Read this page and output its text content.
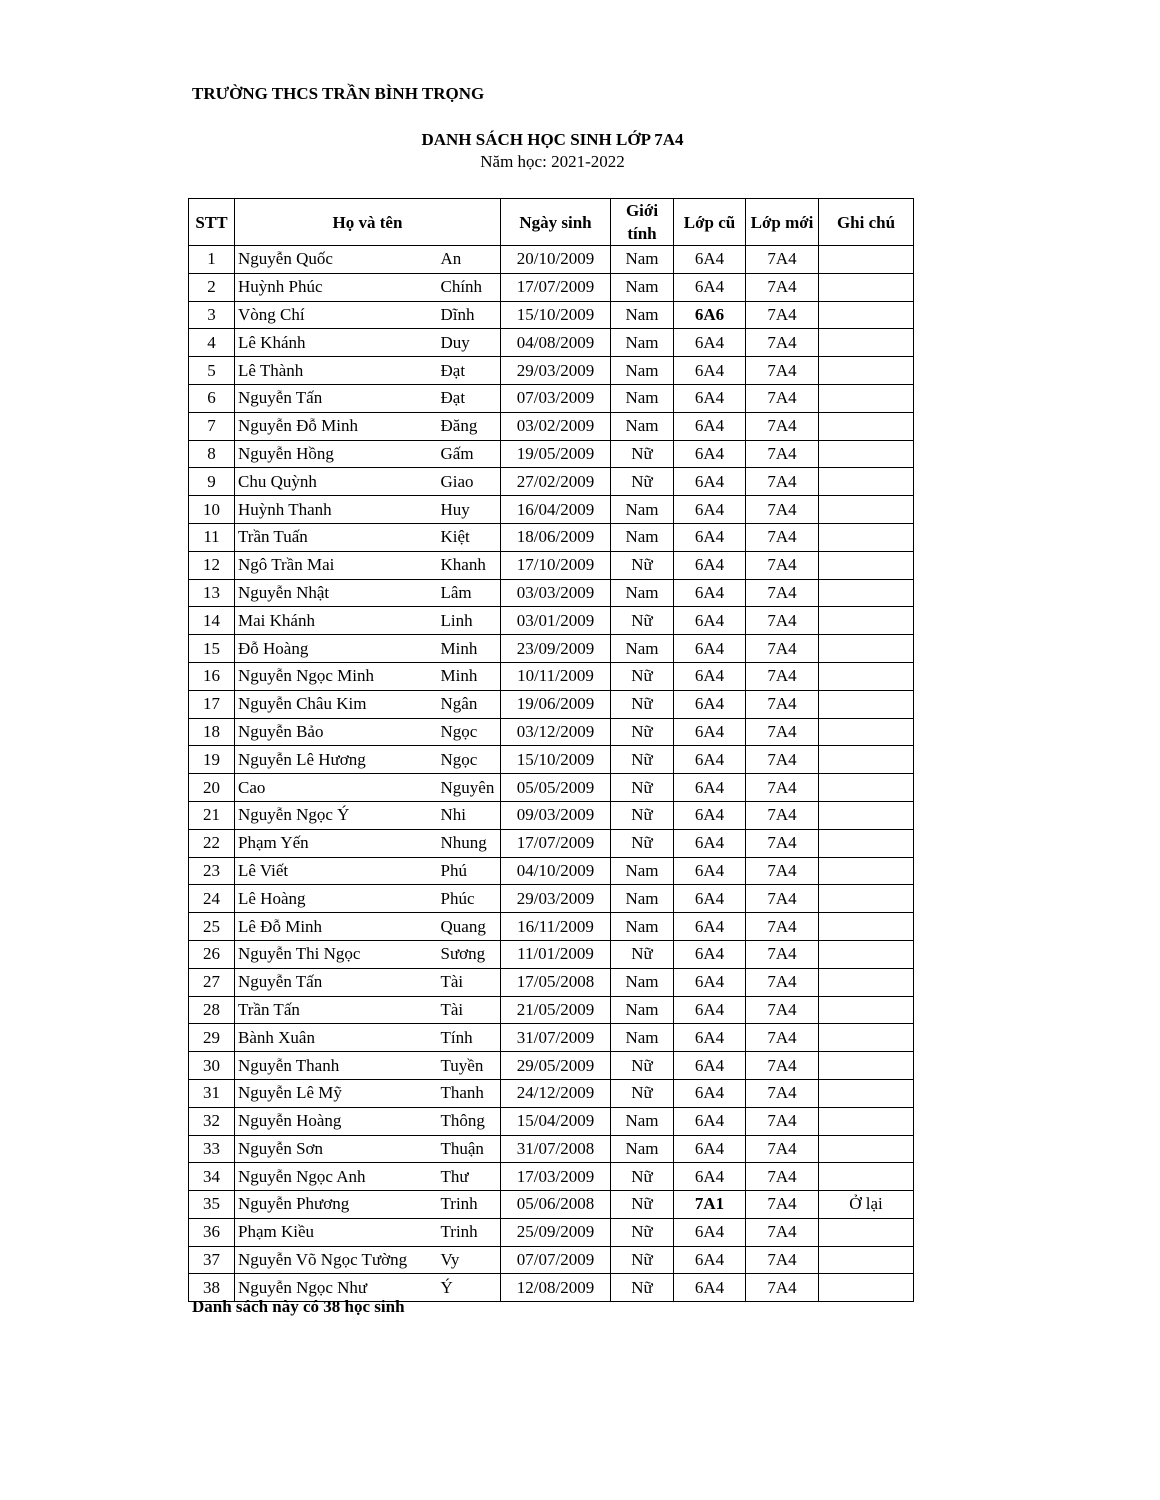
TRƯỜNG THCS TRẦN BÌNH TRỌNG
DANH SÁCH HỌC SINH LỚP 7A4
Năm học: 2021-2022
STT	Họ và tên		Ngày sinh	Giới tính	Lớp cũ	Lớp mới	Ghi chú
1	Nguyễn Quốc	An	20/10/2009	Nam	6A4	7A4	
2	Huỳnh Phúc	Chính	17/07/2009	Nam	6A4	7A4	
3	Vòng Chí	Dĩnh	15/10/2009	Nam	6A6	7A4	
4	Lê Khánh	Duy	04/08/2009	Nam	6A4	7A4	
5	Lê Thành	Đạt	29/03/2009	Nam	6A4	7A4	
6	Nguyễn Tấn	Đạt	07/03/2009	Nam	6A4	7A4	
7	Nguyễn Đỗ Minh	Đăng	03/02/2009	Nam	6A4	7A4	
8	Nguyễn Hồng	Gấm	19/05/2009	Nữ	6A4	7A4	
9	Chu Quỳnh	Giao	27/02/2009	Nữ	6A4	7A4	
10	Huỳnh Thanh	Huy	16/04/2009	Nam	6A4	7A4	
11	Trần Tuấn	Kiệt	18/06/2009	Nam	6A4	7A4	
12	Ngô Trần Mai	Khanh	17/10/2009	Nữ	6A4	7A4	
13	Nguyễn Nhật	Lâm	03/03/2009	Nam	6A4	7A4	
14	Mai Khánh	Linh	03/01/2009	Nữ	6A4	7A4	
15	Đỗ Hoàng	Minh	23/09/2009	Nam	6A4	7A4	
16	Nguyễn Ngọc Minh	Minh	10/11/2009	Nữ	6A4	7A4	
17	Nguyễn Châu Kim	Ngân	19/06/2009	Nữ	6A4	7A4	
18	Nguyễn Bảo	Ngọc	03/12/2009	Nữ	6A4	7A4	
19	Nguyễn Lê Hương	Ngọc	15/10/2009	Nữ	6A4	7A4	
20	Cao	Nguyên	05/05/2009	Nữ	6A4	7A4	
21	Nguyễn Ngọc Ý	Nhi	09/03/2009	Nữ	6A4	7A4	
22	Phạm Yến	Nhung	17/07/2009	Nữ	6A4	7A4	
23	Lê Viết	Phú	04/10/2009	Nam	6A4	7A4	
24	Lê Hoàng	Phúc	29/03/2009	Nam	6A4	7A4	
25	Lê Đỗ Minh	Quang	16/11/2009	Nam	6A4	7A4	
26	Nguyễn Thi Ngọc	Sương	11/01/2009	Nữ	6A4	7A4	
27	Nguyễn Tấn	Tài	17/05/2008	Nam	6A4	7A4	
28	Trần Tấn	Tài	21/05/2009	Nam	6A4	7A4	
29	Bành Xuân	Tính	31/07/2009	Nam	6A4	7A4	
30	Nguyễn Thanh	Tuyền	29/05/2009	Nữ	6A4	7A4	
31	Nguyễn Lê Mỹ	Thanh	24/12/2009	Nữ	6A4	7A4	
32	Nguyễn Hoàng	Thông	15/04/2009	Nam	6A4	7A4	
33	Nguyễn Sơn	Thuận	31/07/2008	Nam	6A4	7A4	
34	Nguyễn Ngọc Anh	Thư	17/03/2009	Nữ	6A4	7A4	
35	Nguyễn Phương	Trinh	05/06/2008	Nữ	7A1	7A4	Ở lại
36	Phạm Kiều	Trinh	25/09/2009	Nữ	6A4	7A4	
37	Nguyễn Võ Ngọc Tường	Vy	07/07/2009	Nữ	6A4	7A4	
38	Nguyễn Ngọc Như	Ý	12/08/2009	Nữ	6A4	7A4	
Danh sách này có 38 học sinh
